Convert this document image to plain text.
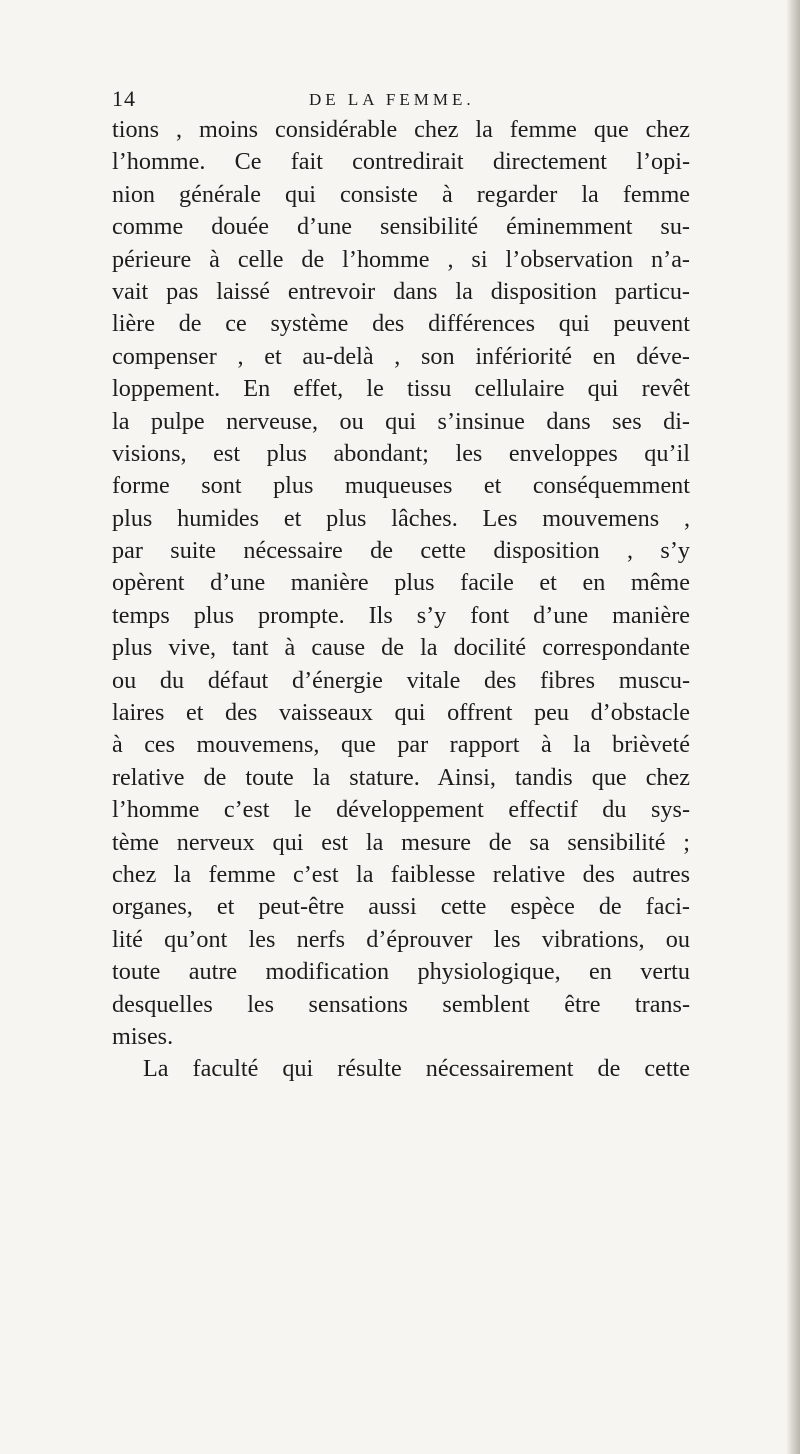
14	DE LA FEMME.
tions , moins considérable chez la femme que chez
l’homme. Ce fait contredirait directement l’opi-
nion générale qui consiste à regarder la femme
comme douée d’une sensibilité éminemment su-
périeure à celle de l’homme , si l’observation n’a-
vait pas laissé entrevoir dans la disposition particu-
lière de ce système des différences qui peuvent
compenser , et au-delà , son infériorité en déve-
loppement. En effet, le tissu cellulaire qui revêt
la pulpe nerveuse, ou qui s’insinue dans ses di-
visions, est plus abondant; les enveloppes qu’il
forme sont plus muqueuses et conséquemment
plus humides et plus lâches. Les mouvemens ,
par suite nécessaire de cette disposition , s’y
opèrent d’une manière plus facile et en même
temps plus prompte. Ils s’y font d’une manière
plus vive, tant à cause de la docilité correspondante
ou du défaut d’énergie vitale des fibres muscu-
laires et des vaisseaux qui offrent peu d’obstacle
à ces mouvemens, que par rapport à la brièveté
relative de toute la stature. Ainsi, tandis que chez
l’homme c’est le développement effectif du sys-
tème nerveux qui est la mesure de sa sensibilité ;
chez la femme c’est la faiblesse relative des autres
organes, et peut-être aussi cette espèce de faci-
lité qu’ont les nerfs d’éprouver les vibrations, ou
toute autre modification physiologique, en vertu
desquelles les sensations semblent être trans-
mises.
La faculté qui résulte nécessairement de cette
